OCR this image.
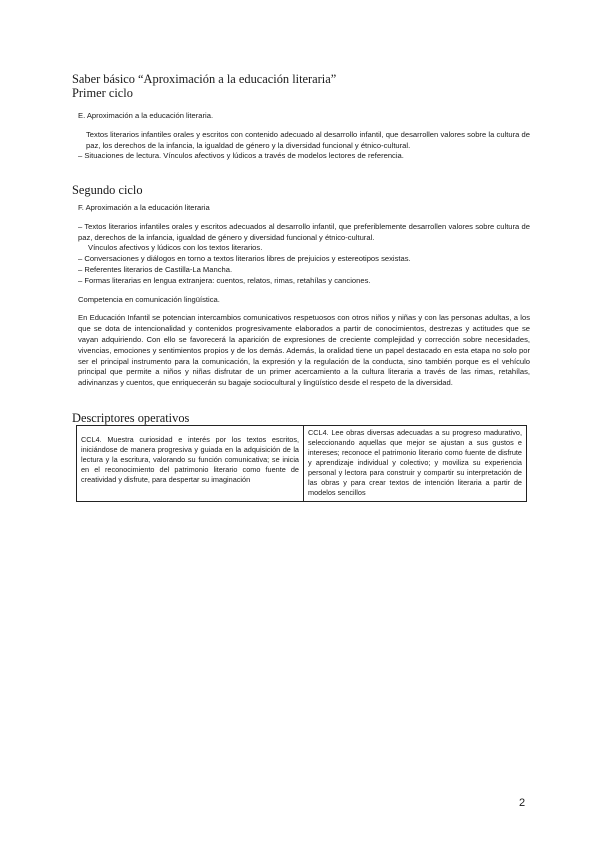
Saber básico “Aproximación a la educación literaria”
Primer ciclo

E. Aproximación a la educación literaria.

Textos literarios infantiles orales y escritos con contenido adecuado al desarrollo infantil, que desarrollen valores sobre la cultura de paz, los derechos de la infancia, la igualdad de género y la diversidad funcional y étnico-cultural.

– Situaciones de lectura. Vínculos afectivos y lúdicos a través de modelos lectores de referencia.

Segundo ciclo

F. Aproximación a la educación literaria

– Textos literarios infantiles orales y escritos adecuados al desarrollo infantil, que preferiblemente desarrollen valores sobre cultura de paz, derechos de la infancia, igualdad de género y diversidad funcional y étnico-cultural.

Vínculos afectivos y lúdicos con los textos literarios.

– Conversaciones y diálogos en torno a textos literarios libres de prejuicios y estereotipos sexistas.

– Referentes literarios de Castilla-La Mancha.

– Formas literarias en lengua extranjera: cuentos, relatos, rimas, retahílas y canciones.

Competencia en comunicación lingüística.

En Educación Infantil se potencian intercambios comunicativos respetuosos con otros niños y niñas y con las personas adultas, a los que se dota de intencionalidad y contenidos progresivamente elaborados a partir de conocimientos, destrezas y actitudes que se vayan adquiriendo. Con ello se favorecerá la aparición de expresiones de creciente complejidad y corrección sobre necesidades, vivencias, emociones y sentimientos propios y de los demás. Además, la oralidad tiene un papel destacado en esta etapa no solo por ser el principal instrumento para la comunicación, la expresión y la regulación de la conducta, sino también porque es el vehículo principal que permite a niños y niñas disfrutar de un primer acercamiento a la cultura literaria a través de las rimas, retahílas, adivinanzas y cuentos, que enriquecerán su bagaje sociocultural y lingüístico desde el respeto de la diversidad.

Descriptores operativos
CCL4. Muestra curiosidad e interés por los textos escritos, iniciándose de manera progresiva y guiada en la adquisición de la lectura y la escritura, valorando su función comunicativa; se inicia en el reconocimiento del patrimonio literario como fuente de creatividad y disfrute, para despertar su imaginación	CCL4. Lee obras diversas adecuadas a su progreso madurativo, seleccionando aquellas que mejor se ajustan a sus gustos e intereses; reconoce el patrimonio literario como fuente de disfrute y aprendizaje individual y colectivo; y moviliza su experiencia personal y lectora para construir y compartir su interpretación de las obras y para crear textos de intención literaria a partir de modelos sencillos
2
